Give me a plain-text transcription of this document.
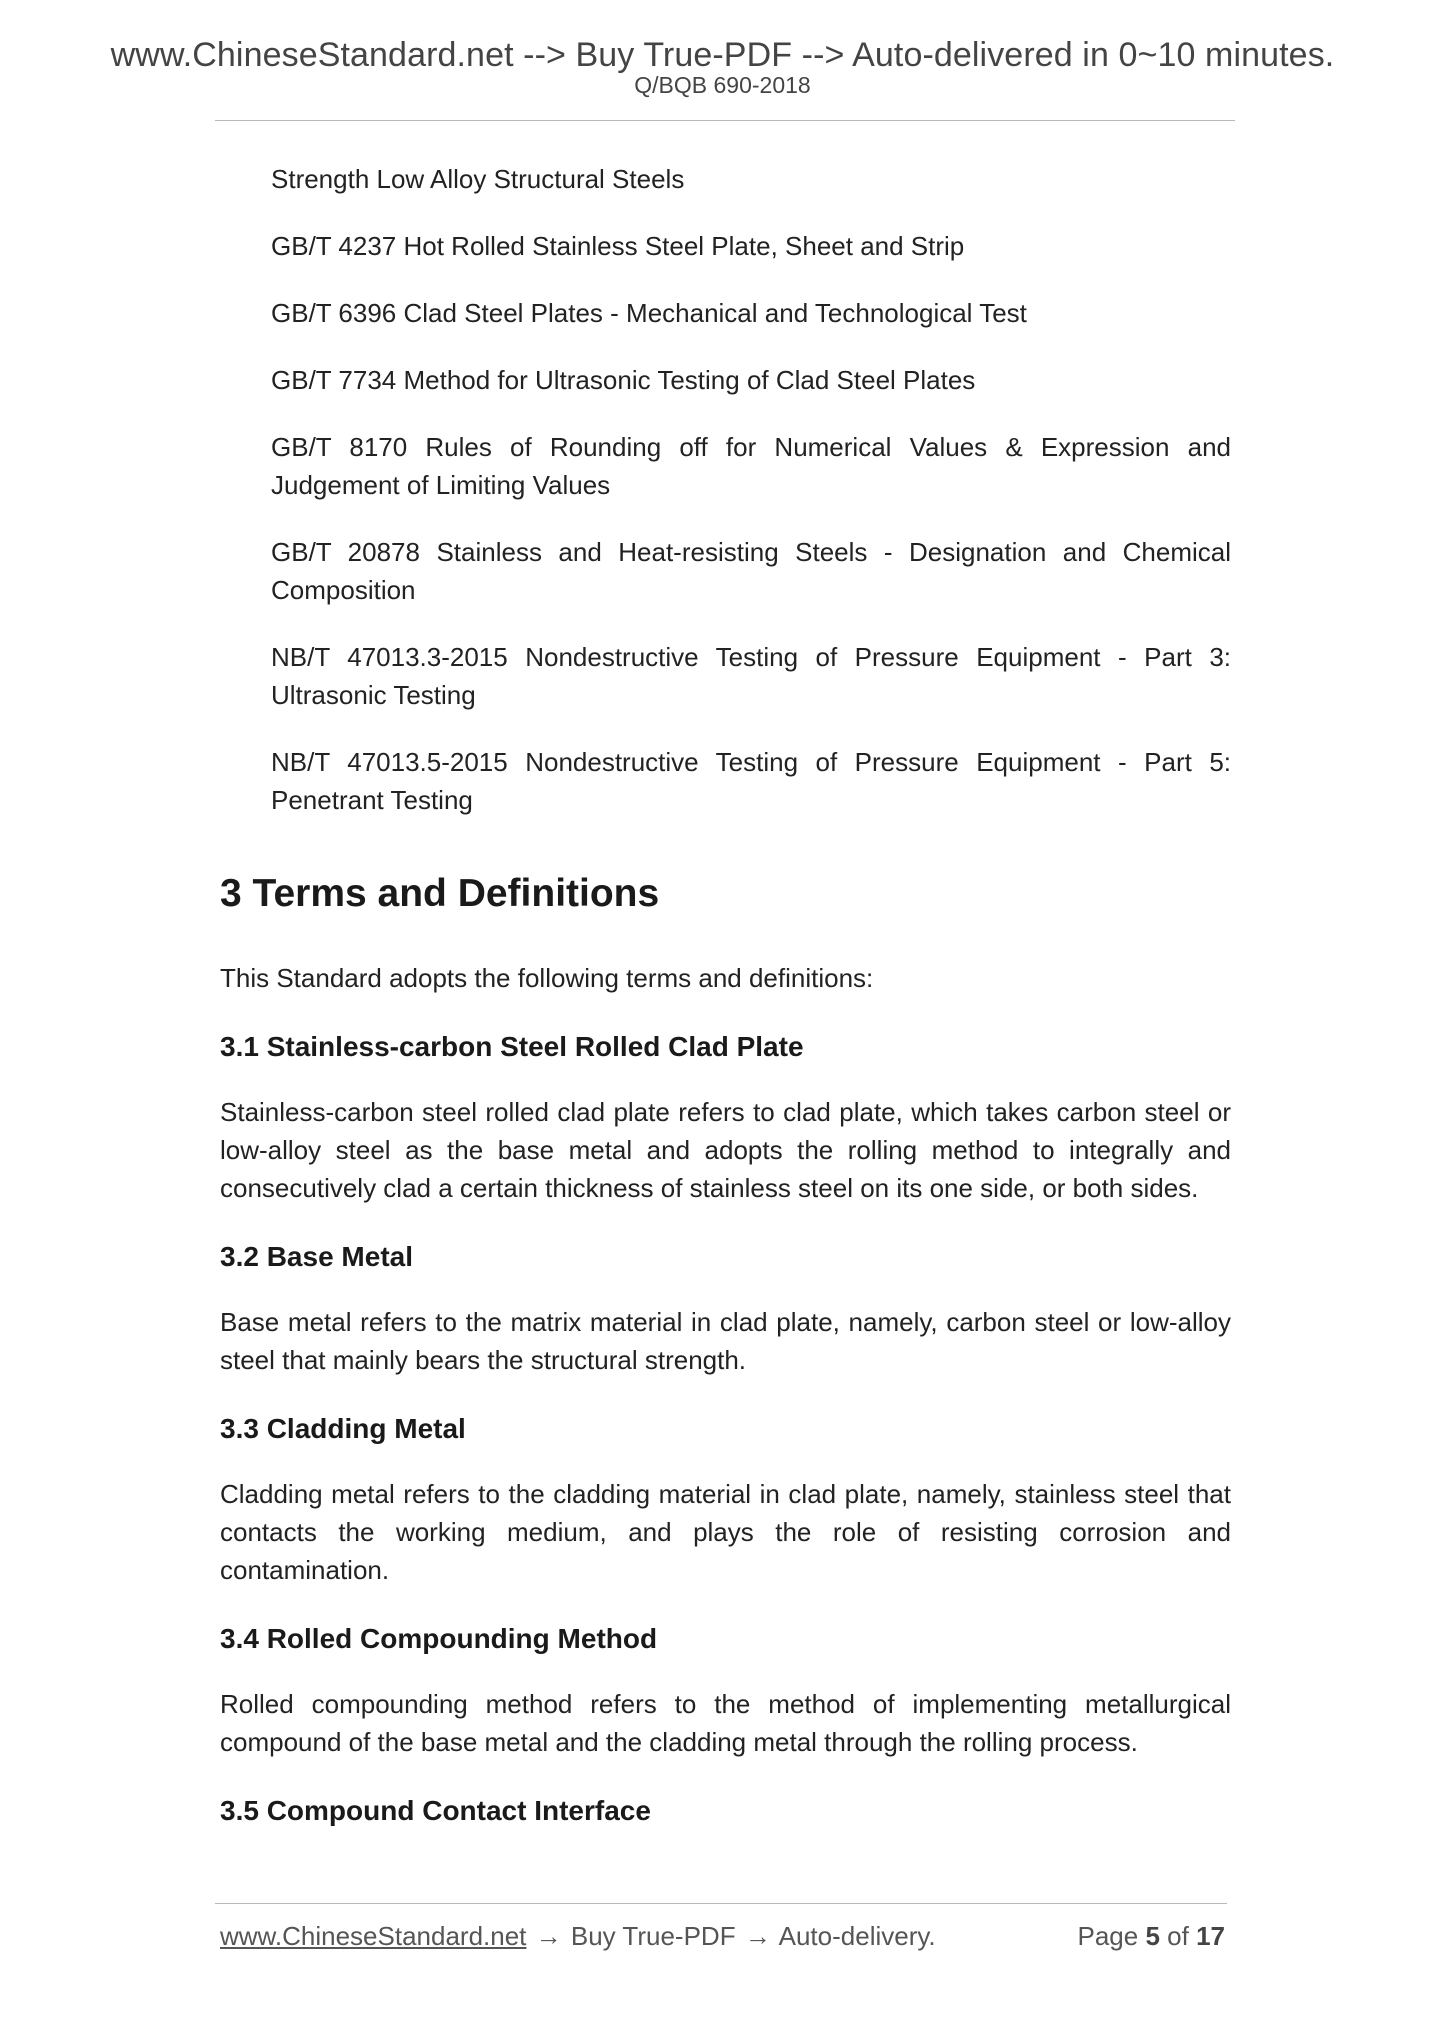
www.ChineseStandard.net --> Buy True-PDF --> Auto-delivered in 0~10 minutes.
Q/BQB 690-2018
Strength Low Alloy Structural Steels
GB/T 4237 Hot Rolled Stainless Steel Plate, Sheet and Strip
GB/T 6396 Clad Steel Plates - Mechanical and Technological Test
GB/T 7734 Method for Ultrasonic Testing of Clad Steel Plates
GB/T 8170 Rules of Rounding off for Numerical Values & Expression and Judgement of Limiting Values
GB/T 20878 Stainless and Heat-resisting Steels - Designation and Chemical Composition
NB/T 47013.3-2015 Nondestructive Testing of Pressure Equipment - Part 3: Ultrasonic Testing
NB/T 47013.5-2015 Nondestructive Testing of Pressure Equipment - Part 5: Penetrant Testing
3 Terms and Definitions
This Standard adopts the following terms and definitions:
3.1 Stainless-carbon Steel Rolled Clad Plate
Stainless-carbon steel rolled clad plate refers to clad plate, which takes carbon steel or low-alloy steel as the base metal and adopts the rolling method to integrally and consecutively clad a certain thickness of stainless steel on its one side, or both sides.
3.2 Base Metal
Base metal refers to the matrix material in clad plate, namely, carbon steel or low-alloy steel that mainly bears the structural strength.
3.3 Cladding Metal
Cladding metal refers to the cladding material in clad plate, namely, stainless steel that contacts the working medium, and plays the role of resisting corrosion and contamination.
3.4 Rolled Compounding Method
Rolled compounding method refers to the method of implementing metallurgical compound of the base metal and the cladding metal through the rolling process.
3.5 Compound Contact Interface
www.ChineseStandard.net → Buy True-PDF → Auto-delivery.	Page 5 of 17
